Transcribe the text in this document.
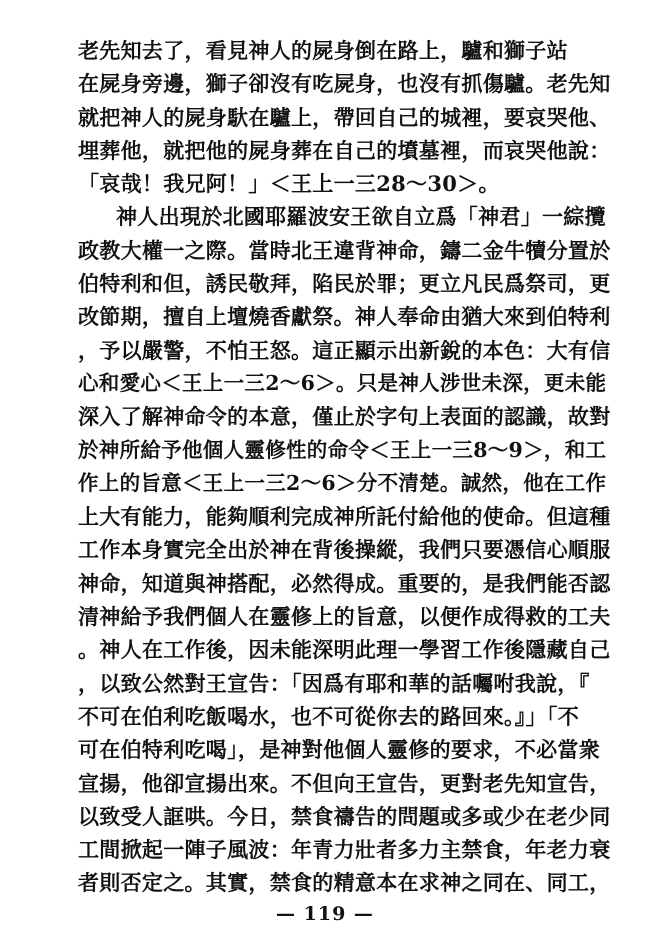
老先知去了，看見神人的屍身倒在路上，驢和獅子站
在屍身旁邊，獅子卻沒有吃屍身，也沒有抓傷驢。老先知
就把神人的屍身馱在驢上，帶回自己的城裡，要哀哭他、
埋葬他，就把他的屍身葬在自己的墳墓裡，而哀哭他說：
「哀哉！我兄阿！」＜王上一三28～30＞。
神人出現於北國耶羅波安王欲自立爲「神君」一綜攬
政教大權一之際。當時北王違背神命，鑄二金牛犢分置於
伯特利和但，誘民敬拜，陷民於罪；更立凡民爲祭司，更
改節期，擅自上壇燒香獻祭。神人奉命由猶大來到伯特利
，予以嚴警，不怕王怒。這正顯示出新銳的本色：大有信
心和愛心＜王上一三2～6＞。只是神人涉世未深，更未能
深入了解神命令的本意，僅止於字句上表面的認識，故對
於神所給予他個人靈修性的命令＜王上一三8～9＞，和工
作上的旨意＜王上一三2～6＞分不清楚。誠然，他在工作
上大有能力，能夠順利完成神所託付給他的使命。但這種
工作本身實完全出於神在背後操縱，我們只要憑信心順服
神命，知道與神搭配，必然得成。重要的，是我們能否認
清神給予我們個人在靈修上的旨意，以便作成得救的工夫
。神人在工作後，因未能深明此理一學習工作後隱藏自己
，以致公然對王宣告：「因爲有耶和華的話囑咐我說，『
不可在伯利吃飯喝水，也不可從你去的路回來。』」「不
可在伯特利吃喝」，是神對他個人靈修的要求，不必當衆
宣揚，他卻宣揚出來。不但向王宣告，更對老先知宣告，
以致受人誆哄。今日，禁食禱告的問題或多或少在老少同
工間掀起一陣子風波：年青力壯者多力主禁食，年老力衰
者則否定之。其實，禁食的精意本在求神之同在、同工，
— 119 —
